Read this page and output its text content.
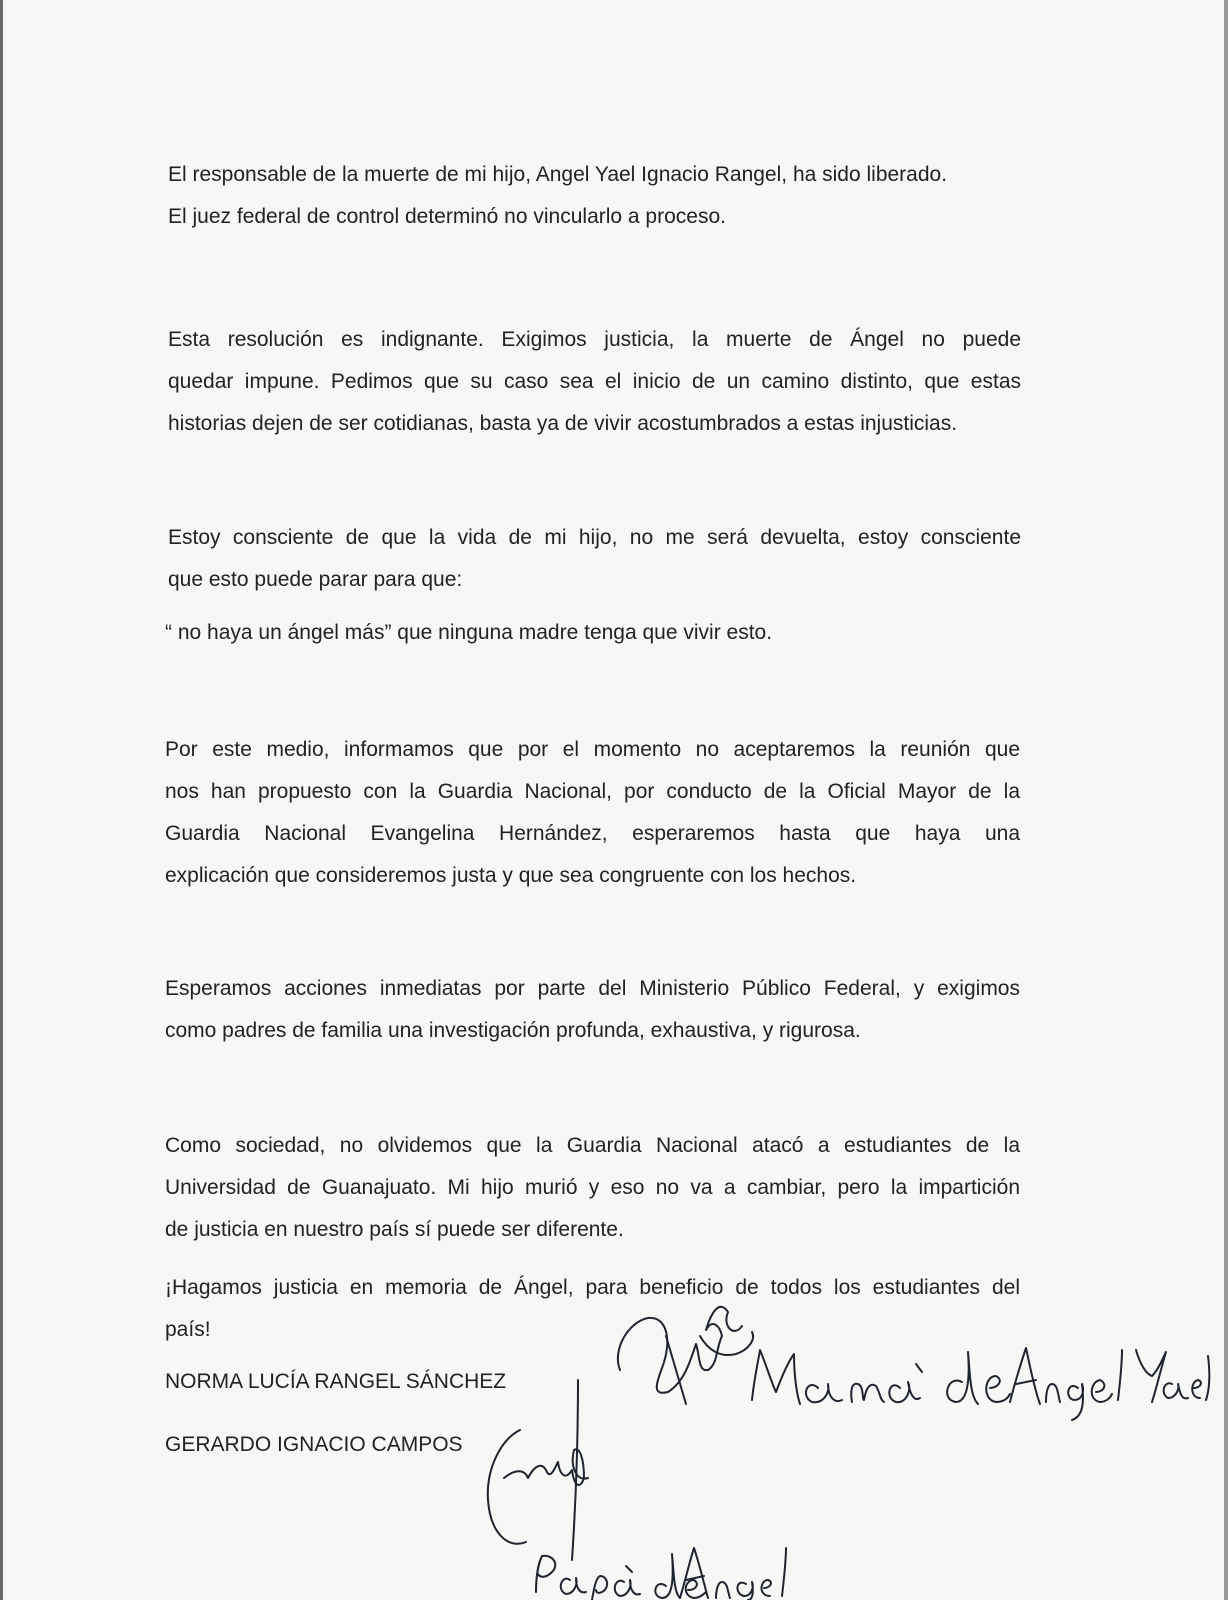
El responsable de la muerte de mi hijo, Angel Yael Ignacio Rangel, ha sido liberado.
El juez federal de control determinó no vincularlo a proceso.
Esta resolución es indignante. Exigimos justicia, la muerte de Ángel no puede
quedar impune. Pedimos que su caso sea el inicio de un camino distinto, que estas
historias dejen de ser cotidianas, basta ya de vivir acostumbrados a estas injusticias.
Estoy consciente de que la vida de mi hijo, no me será devuelta, estoy consciente
que esto puede parar para que:
“ no haya un ángel más” que ninguna madre tenga que vivir esto.
Por este medio, informamos que por el momento no aceptaremos la reunión que
nos han propuesto con la Guardia Nacional, por conducto de la Oficial Mayor de la
Guardia Nacional Evangelina Hernández, esperaremos hasta que haya una
explicación que consideremos justa y que sea congruente con los hechos.
Esperamos acciones inmediatas por parte del Ministerio Público Federal, y exigimos
como padres de familia una investigación profunda, exhaustiva, y rigurosa.
Como sociedad, no olvidemos que la Guardia Nacional atacó a estudiantes de la
Universidad de Guanajuato. Mi hijo murió y eso no va a cambiar, pero la impartición
de justicia en nuestro país sí puede ser diferente.
¡Hagamos justicia en memoria de Ángel, para beneficio de todos los estudiantes del
país!

NORMA LUCÍA RANGEL SÁNCHEZ

GERARDO IGNACIO CAMPOS
